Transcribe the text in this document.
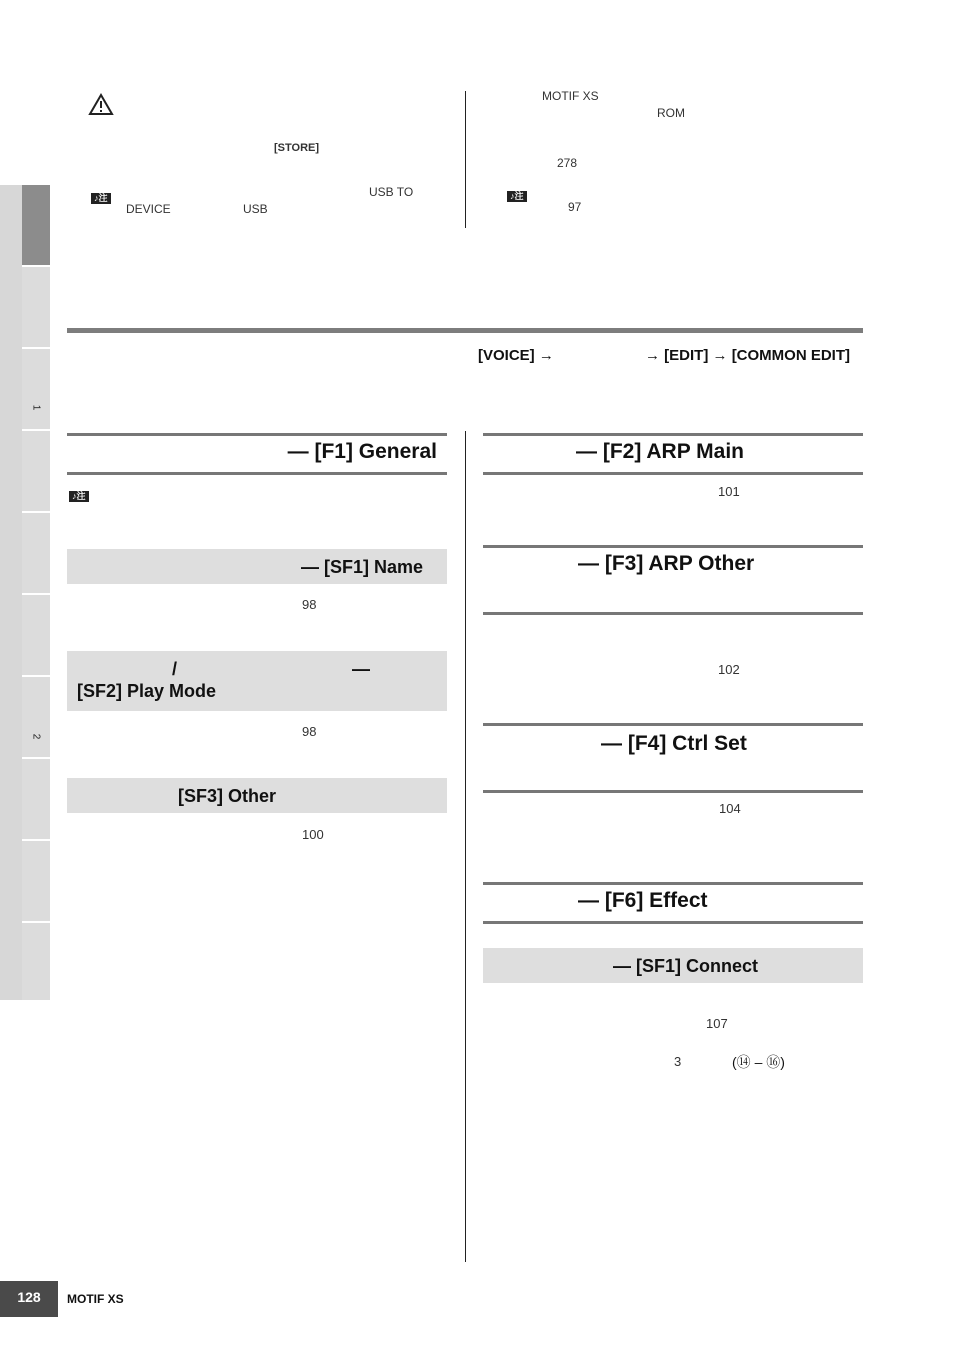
1
2
[STORE]
♪注	USB TO
DEVICE	USB
MOTIF XS
ROM
278
♪注
97
[VOICE] →	→ [EDIT] → [COMMON EDIT]
— [F1] General
♪注
— [SF1] Name
98
/	—
[SF2] Play Mode
98
[SF3] Other
100
— [F2] ARP Main
101
— [F3] ARP Other
102
— [F4] Ctrl Set
104
— [F6] Effect
— [SF1] Connect
107
3	(⑭ – ⑯)
128	MOTIF XS
